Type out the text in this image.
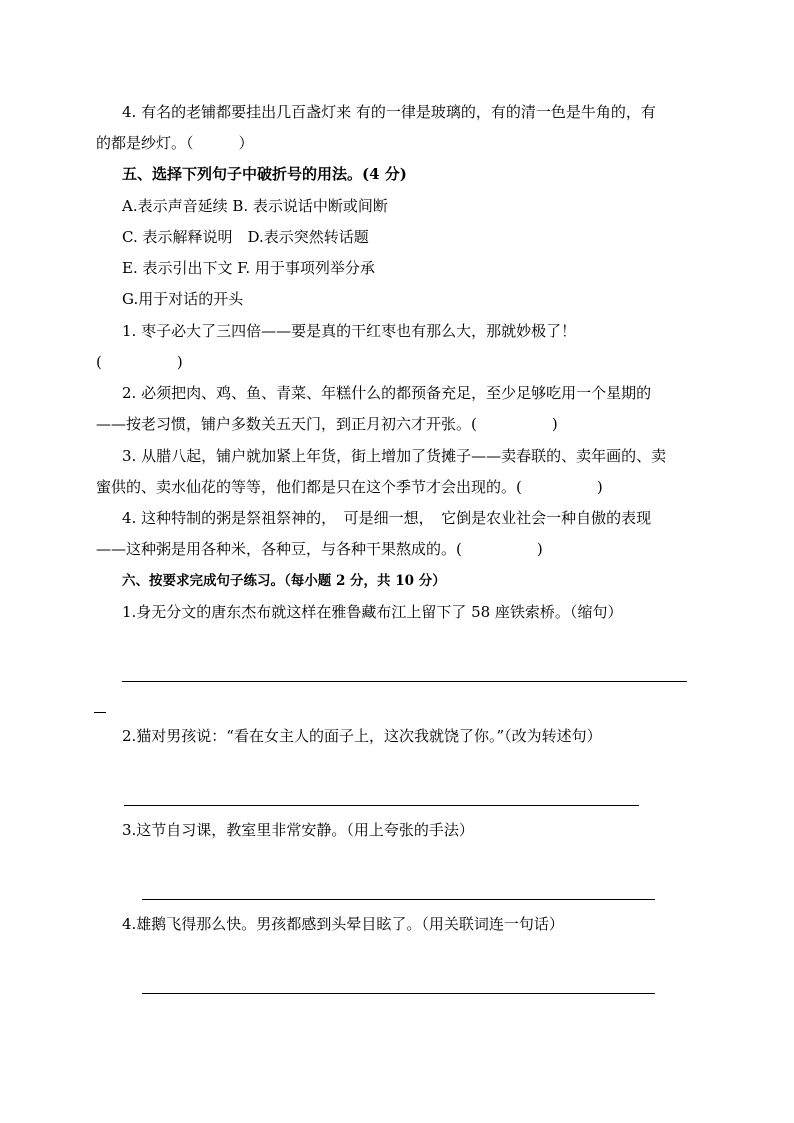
4. 有名的老铺都要挂出几百盏灯来 有的一律是玻璃的，有的清一色是牛角的，有
的都是纱灯。（　　　）
五、选择下列句子中破折号的用法。(4 分)
A.表示声音延续 B. 表示说话中断或间断
C. 表示解释说明　D.表示突然转话题
E. 表示引出下文 F. 用于事项列举分承
G.用于对话的开头
1. 枣子必大了三四倍——要是真的干红枣也有那么大，那就妙极了！
(　　　　　)
2. 必须把肉、鸡、鱼、青菜、年糕什么的都预备充足，至少足够吃用一个星期的
——按老习惯，铺户多数关五天门，到正月初六才开张。(　　　　　)
3. 从腊八起，铺户就加紧上年货，街上增加了货摊子——卖春联的、卖年画的、卖
蜜供的、卖水仙花的等等，他们都是只在这个季节才会出现的。(　　　　　)
4. 这种特制的粥是祭祖祭神的，　可是细一想，　它倒是农业社会一种自傲的表现
——这种粥是用各种米，各种豆，与各种干果熬成的。(　　　　　)
六、按要求完成句子练习。（每小题 2 分，共 10 分）
1.身无分文的唐东杰布就这样在雅鲁藏布江上留下了 58 座铁索桥。（缩句）
2.猫对男孩说：“看在女主人的面子上，这次我就饶了你。”（改为转述句）
3.这节自习课，教室里非常安静。（用上夸张的手法）
4.雄鹅飞得那么快。男孩都感到头晕目眩了。（用关联词连一句话）
